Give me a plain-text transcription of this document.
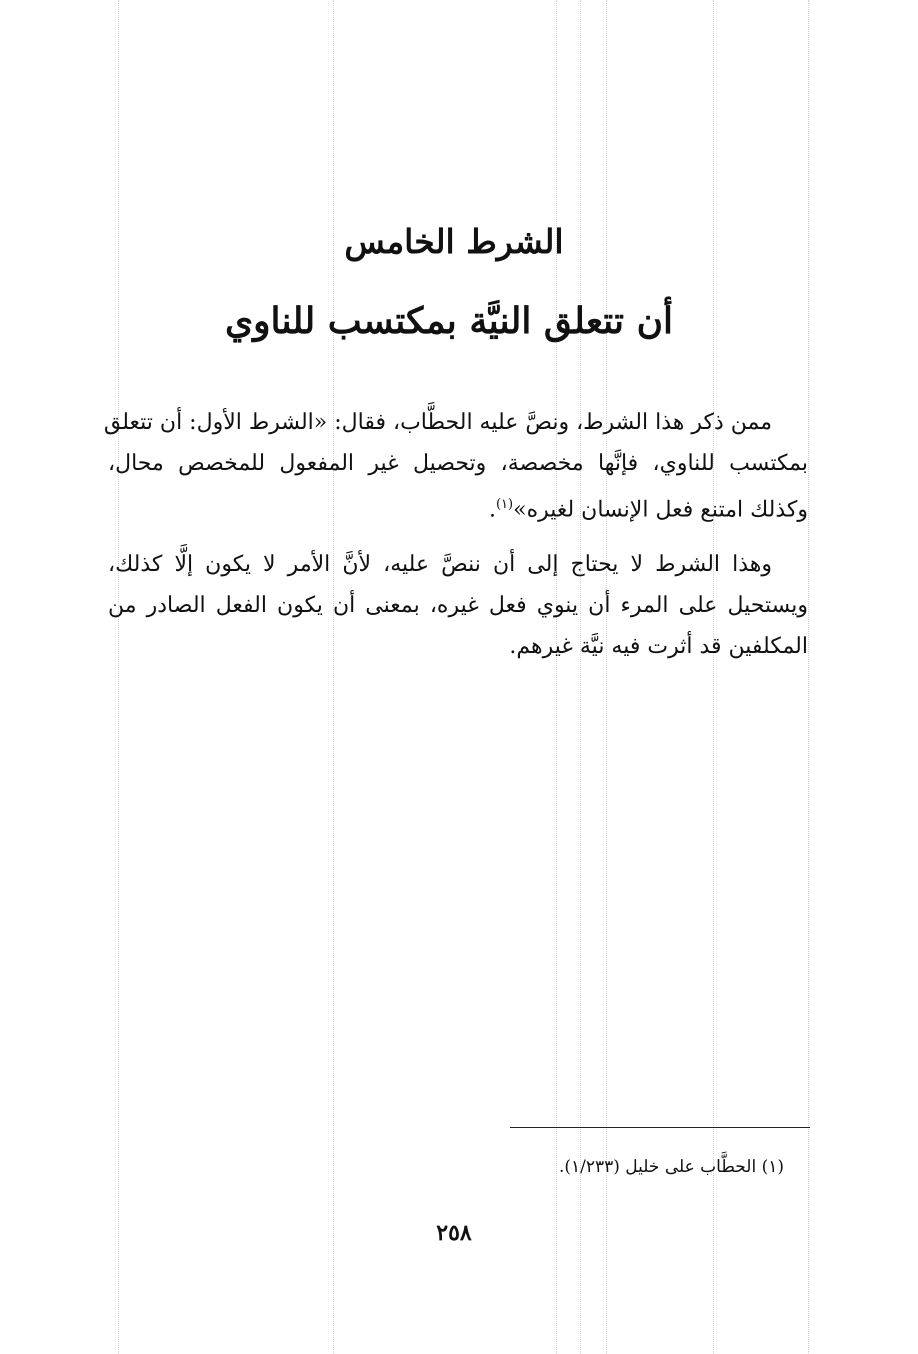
الشرط الخامس
أن تتعلق النيَّة بمكتسب للناوي
ممن ذكر هذا الشرط، ونصَّ عليه الحطَّاب، فقال: «الشرط الأول: أن تتعلق
بمكتسب للناوي، فإنَّها مخصصة، وتحصيل غير المفعول للمخصص محال،
وكذلك امتنع فعل الإنسان لغيره»$^{(١)}$.
وهذا الشرط لا يحتاج إلى أن ننصَّ عليه، لأنَّ الأمر لا يكون إلَّا كذلك،
ويستحيل على المرء أن ينوي فعل غيره، بمعنى أن يكون الفعل الصادر من
المكلفين قد أثرت فيه نيَّة غيرهم.
(١) الحطَّاب على خليل (١/٢٣٣).
٢٥٨
